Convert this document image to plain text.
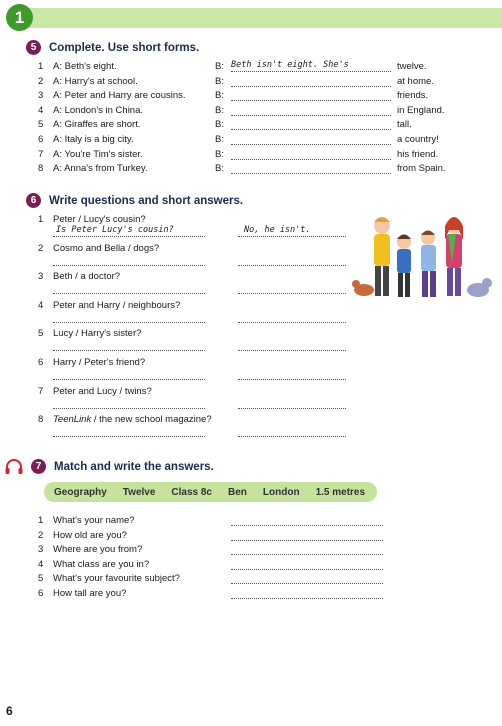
1
5	Complete. Use short forms.
1	A: Beth's eight.	B: Beth isn't eight. She's	twelve.
2	A: Harry's at school.	B:	at home.
3	A: Peter and Harry are cousins.	B:	friends.
4	A: London's in China.	B:	in England.
5	A: Giraffes are short.	B:	tall.
6	A: Italy is a big city.	B:	a country!
7	A: You're Tim's sister.	B:	his friend.
8	A: Anna's from Turkey.	B:	from Spain.
6	Write questions and short answers.
1 Peter / Lucy's cousin?
Is Peter Lucy's cousin?	No, he isn't.
2 Cosmo and Bella / dogs?
3 Beth / a doctor?
4 Peter and Harry / neighbours?
5 Lucy / Harry's sister?
6 Harry / Peter's friend?
7 Peter and Lucy / twins?
8 TeenLink / the new school magazine?
7	Match and write the answers.
Geography Twelve Class 8c Ben London 1.5 metres
1	What's your name?
2	How old are you?
3	Where are you from?
4	What class are you in?
5	What's your favourite subject?
6	How tall are you?
6
